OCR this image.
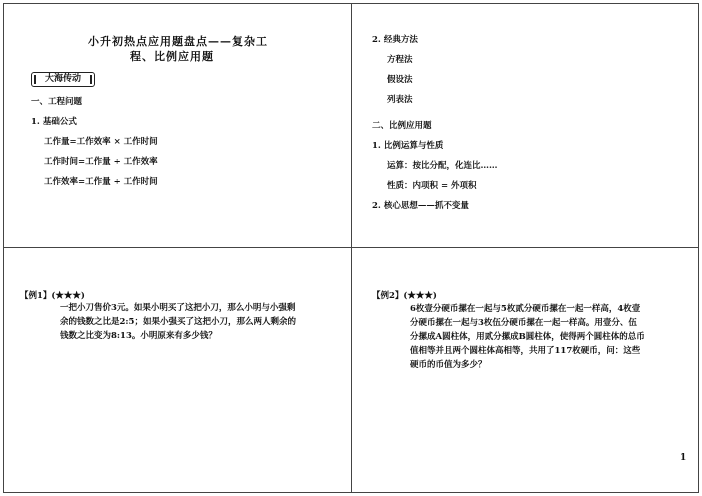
小升初热点应用题盘点——复杂工
程、比例应用题
大海传动
一、工程问题
1. 基础公式
工作量=工作效率 × 工作时间
工作时间=工作量 ÷ 工作效率
工作效率=工作量 ÷ 工作时间
2. 经典方法
方程法
假设法
列表法
二、比例应用题
1. 比例运算与性质
运算：按比分配，化连比……
性质：内项积 = 外项积
2. 核心思想——抓不变量
【例1】(★★★)
一把小刀售价3元。如果小明买了这把小刀，那么小明与小强剩
余的钱数之比是2:5；如果小强买了这把小刀，那么两人剩余的
钱数之比变为8:13。小明原来有多少钱？
【例2】(★★★)
6枚壹分硬币摞在一起与5枚贰分硬币摞在一起一样高，4枚壹
分硬币摞在一起与3枚伍分硬币摞在一起一样高。用壹分、伍
分摞成A圆柱体，用贰分摞成B圆柱体，使得两个圆柱体的总币
值相等并且两个圆柱体高相等，共用了117枚硬币，问：这些
硬币的币值为多少？
1
